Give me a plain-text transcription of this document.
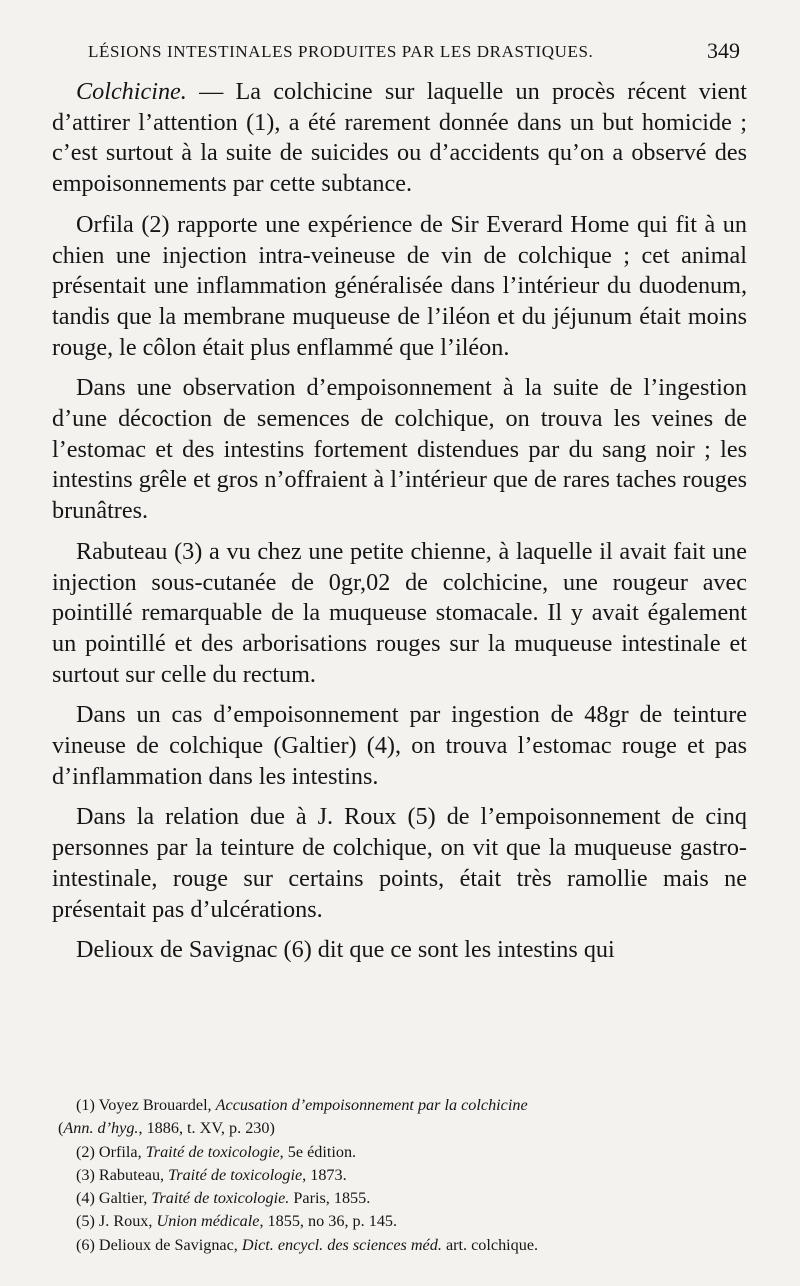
LÉSIONS INTESTINALES PRODUITES PAR LES DRASTIQUES.	349

Colchicine. — La colchicine sur laquelle un procès récent vient d’attirer l’attention (1), a été rarement donnée dans un but homicide ; c’est surtout à la suite de suicides ou d’accidents qu’on a observé des empoisonnements par cette subtance.

Orfila (2) rapporte une expérience de Sir Everard Home qui fit à un chien une injection intra-veineuse de vin de colchique ; cet animal présentait une inflammation généralisée dans l’intérieur du duodenum, tandis que la membrane muqueuse de l’iléon et du jéjunum était moins rouge, le côlon était plus enflammé que l’iléon.

Dans une observation d’empoisonnement à la suite de l’ingestion d’une décoction de semences de colchique, on trouva les veines de l’estomac et des intestins fortement distendues par du sang noir ; les intestins grêle et gros n’offraient à l’intérieur que de rares taches rouges brunâtres.

Rabuteau (3) a vu chez une petite chienne, à laquelle il avait fait une injection sous-cutanée de 0gr,02 de colchicine, une rougeur avec pointillé remarquable de la muqueuse stomacale. Il y avait également un pointillé et des arborisations rouges sur la muqueuse intestinale et surtout sur celle du rectum.

Dans un cas d’empoisonnement par ingestion de 48gr de teinture vineuse de colchique (Galtier) (4), on trouva l’estomac rouge et pas d’inflammation dans les intestins.

Dans la relation due à J. Roux (5) de l’empoisonnement de cinq personnes par la teinture de colchique, on vit que la muqueuse gastro-intestinale, rouge sur certains points, était très ramollie mais ne présentait pas d’ulcérations.

Delioux de Savignac (6) dit que ce sont les intestins qui

(1) Voyez Brouardel, Accusation d’empoisonnement par la colchicine
(Ann. d’hyg., 1886, t. XV, p. 230)
(2) Orfila, Traité de toxicologie, 5e édition.
(3) Rabuteau, Traité de toxicologie, 1873.
(4) Galtier, Traité de toxicologie. Paris, 1855.
(5) J. Roux, Union médicale, 1855, no 36, p. 145.
(6) Delioux de Savignac, Dict. encycl. des sciences méd. art. colchique.
